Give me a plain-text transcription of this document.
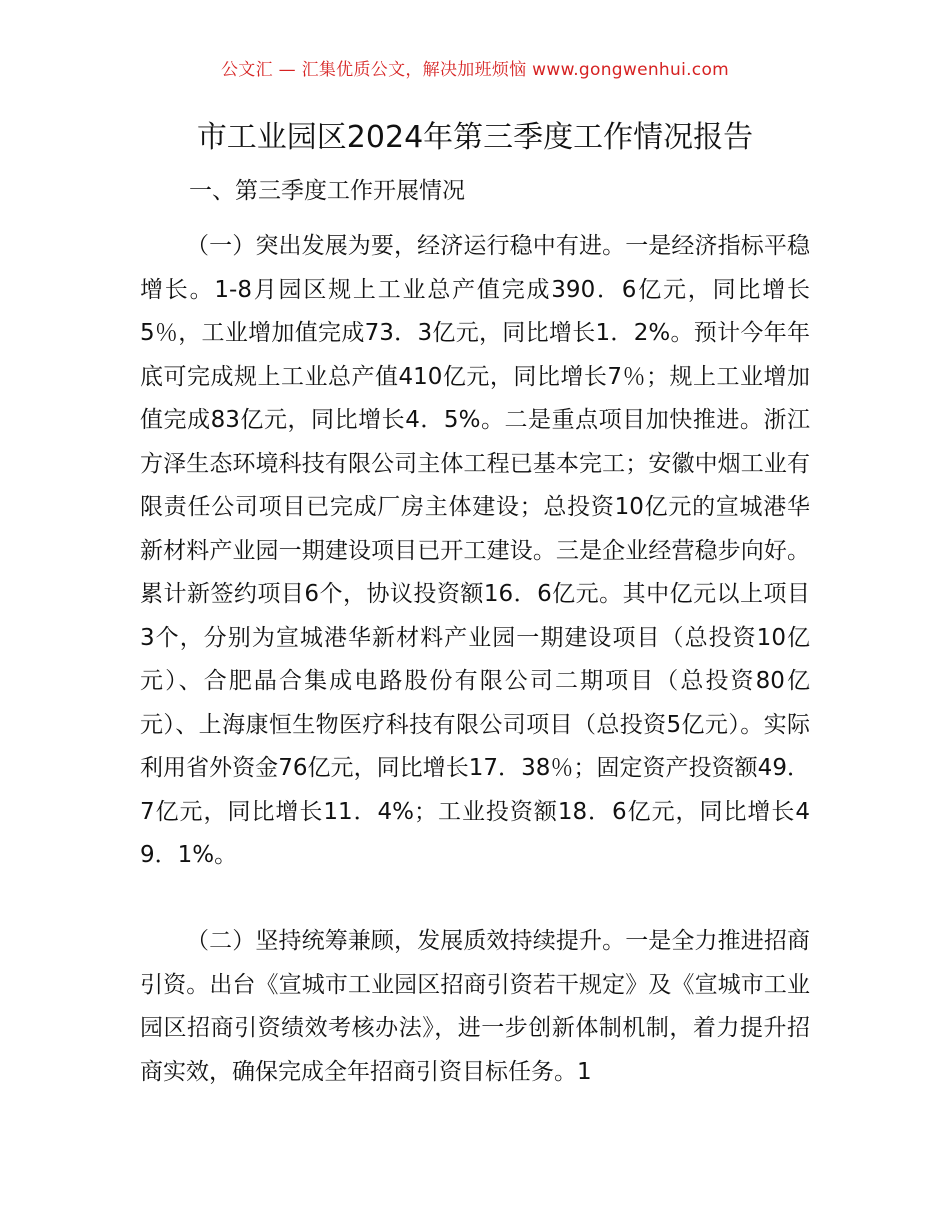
公文汇 — 汇集优质公文，解决加班烦恼 www.gongwenhui.com
市工业园区2024年第三季度工作情况报告
一、第三季度工作开展情况

（一）突出发展为要，经济运行稳中有进。一是经济指标平稳增长。1-8月园区规上工业总产值完成390．6亿元，同比增长5％，工业增加值完成73．3亿元，同比增长1．2%。预计今年年底可完成规上工业总产值410亿元，同比增长7％；规上工业增加值完成83亿元，同比增长4．5%。二是重点项目加快推进。浙江方泽生态环境科技有限公司主体工程已基本完工；安徽中烟工业有限责任公司项目已完成厂房主体建设；总投资10亿元的宣城港华新材料产业园一期建设项目已开工建设。三是企业经营稳步向好。累计新签约项目6个，协议投资额16．6亿元。其中亿元以上项目3个，分别为宣城港华新材料产业园一期建设项目（总投资10亿元）、合肥晶合集成电路股份有限公司二期项目（总投资80亿元）、上海康恒生物医疗科技有限公司项目（总投资5亿元）。实际利用省外资金76亿元，同比增长17．38％；固定资产投资额49．7亿元，同比增长11．4%；工业投资额18．6亿元，同比增长49．1%。

（二）坚持统筹兼顾，发展质效持续提升。一是全力推进招商引资。出台《宣城市工业园区招商引资若干规定》及《宣城市工业园区招商引资绩效考核办法》，进一步创新体制机制，着力提升招商实效，确保完成全年招商引资目标任务。1
